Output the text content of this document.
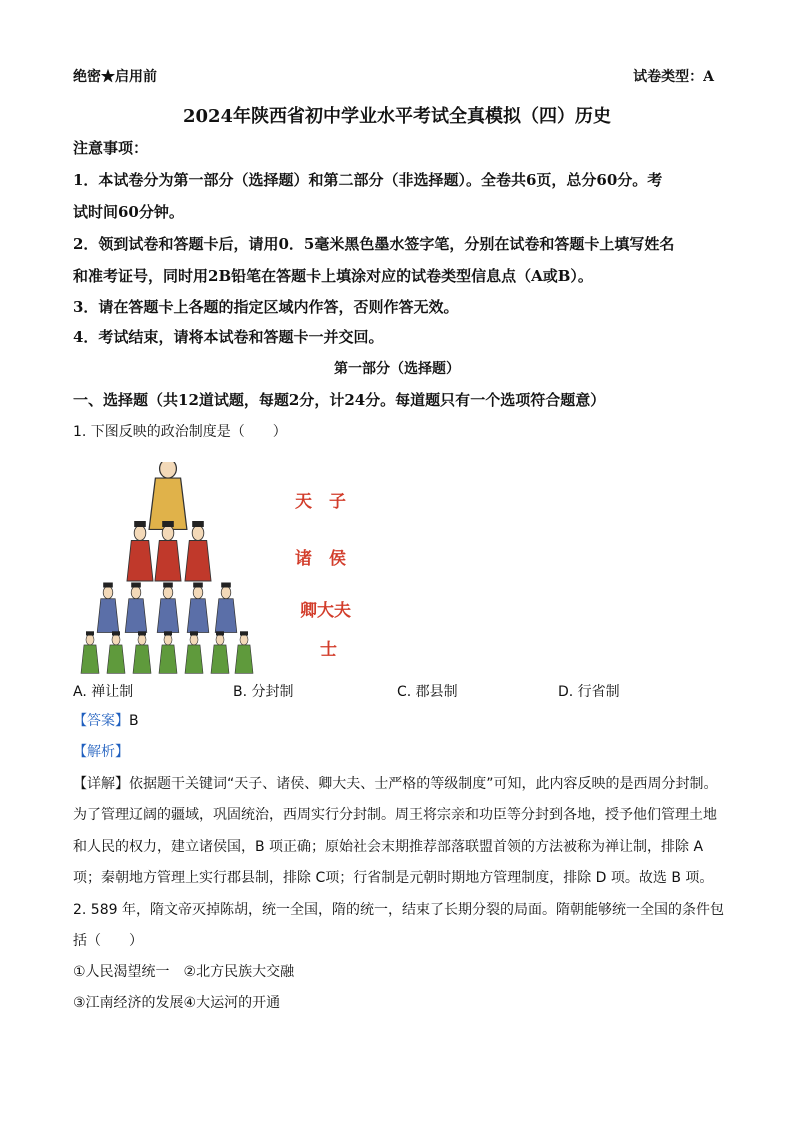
绝密★启用前	试卷类型：A
2024年陕西省初中学业水平考试全真模拟（四）历史
注意事项：
1．本试卷分为第一部分（选择题）和第二部分（非选择题）。全卷共6页，总分60分。考
试时间60分钟。
2．领到试卷和答题卡后，请用0．5毫米黑色墨水签字笔，分别在试卷和答题卡上填写姓名
和准考证号，同时用2B铅笔在答题卡上填涂对应的试卷类型信息点（A或B）。
3．请在答题卡上各题的指定区域内作答，否则作答无效。
4．考试结束，请将本试卷和答题卡一并交回。
第一部分（选择题）
一、选择题（共12道试题，每题2分，计24分。每道题只有一个选项符合题意）
1. 下图反映的政治制度是（　　）
天　子
诸　侯
卿大夫
士
A. 禅让制	B. 分封制	C. 郡县制	D. 行省制
【答案】B
【解析】
【详解】依据题干关键词“天子、诸侯、卿大夫、士严格的等级制度”可知，此内容反映的是西周分封制。
为了管理辽阔的疆域，巩固统治，西周实行分封制。周王将宗亲和功臣等分封到各地，授予他们管理土地
和人民的权力，建立诸侯国，B 项正确；原始社会末期推荐部落联盟首领的方法被称为禅让制，排除 A
项；秦朝地方管理上实行郡县制，排除 C项；行省制是元朝时期地方管理制度，排除 D 项。故选 B 项。
2. 589 年，隋文帝灭掉陈胡，统一全国，隋的统一，结束了长期分裂的局面。隋朝能够统一全国的条件包
括（　　）
①人民渴望统一　②北方民族大交融
③江南经济的发展④大运河的开通
